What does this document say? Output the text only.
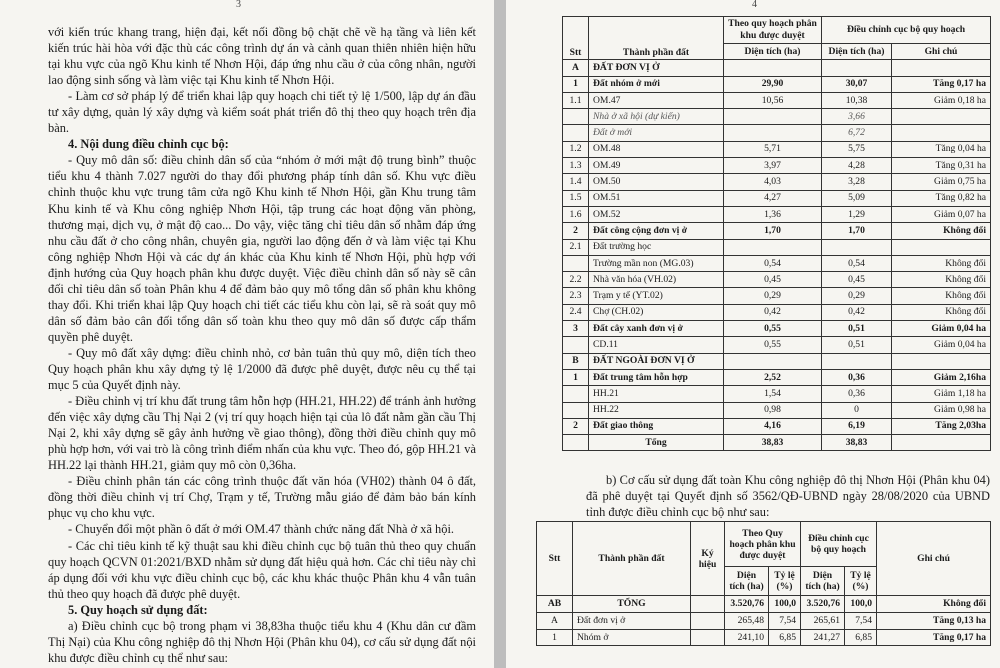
3

với kiến trúc khang trang, hiện đại, kết nối đồng bộ chặt chẽ về hạ tầng và liên kết kiến trúc hài hòa với đặc thù các công trình dự án và cảnh quan thiên nhiên hiện hữu tại khu vực của ngõ Khu kinh tế Nhơn Hội, đáp ứng nhu cầu ở của công nhân, người lao động sinh sống và làm việc tại Khu kinh tế Nhơn Hội.

- Làm cơ sở pháp lý để triển khai lập quy hoạch chi tiết tỷ lệ 1/500, lập dự án đầu tư xây dựng, quản lý xây dựng và kiểm soát phát triển đô thị theo quy hoạch trên địa bàn.

4. Nội dung điều chỉnh cục bộ:

- Quy mô dân số: điều chỉnh dân số của “nhóm ở mới mật độ trung bình” thuộc tiểu khu 4 thành 7.027 người do thay đổi phương pháp tính dân số. Khu vực điều chỉnh thuộc khu vực trung tâm cửa ngõ Khu kinh tế Nhơn Hội, gần Khu trung tâm Khu kinh tế và Khu công nghiệp Nhơn Hội, tập trung các hoạt động văn phòng, thương mại, dịch vụ, ở mật độ cao... Do vậy, việc tăng chỉ tiêu dân số nhằm đáp ứng nhu cầu đất ở cho công nhân, chuyên gia, người lao động đến ở và làm việc tại Khu công nghiệp Nhơn Hội và các dự án khác của Khu kinh tế Nhơn Hội, phù hợp với định hướng của Quy hoạch phân khu được duyệt. Việc điều chỉnh dân số này sẽ cân đối chỉ tiêu dân số toàn Phân khu 4 để đảm bảo quy mô tổng dân số phân khu không thay đổi. Khi triển khai lập Quy hoạch chi tiết các tiểu khu còn lại, sẽ rà soát quy mô dân số đảm bảo cân đối tổng dân số toàn khu theo quy mô dân số được cấp thẩm quyền phê duyệt.

- Quy mô đất xây dựng: điều chỉnh nhỏ, cơ bản tuân thủ quy mô, diện tích theo Quy hoạch phân khu xây dựng tỷ lệ 1/2000 đã được phê duyệt, được nêu cụ thể tại mục 5 của Quyết định này.

- Điều chỉnh vị trí khu đất trung tâm hỗn hợp (HH.21, HH.22) để tránh ảnh hưởng đến việc xây dựng cầu Thị Nại 2 (vị trí quy hoạch hiện tại của lô đất nằm gần cầu Thị Nại 2, khi xây dựng sẽ gây ảnh hưởng về giao thông), đồng thời điều chỉnh quy mô phù hợp hơn, với vai trò là công trình điểm nhấn của khu vực. Theo đó, gộp HH.21 và HH.22 lại thành HH.21, giảm quy mô còn 0,36ha.

- Điều chỉnh phân tán các công trình thuộc đất văn hóa (VH02) thành 04 ô đất, đồng thời điều chỉnh vị trí Chợ, Trạm y tế, Trường mẫu giáo để đảm bảo bán kính phục vụ cho khu vực.

- Chuyển đổi một phần ô đất ở mới OM.47 thành chức năng đất Nhà ở xã hội.

- Các chỉ tiêu kinh tế kỹ thuật sau khi điều chỉnh cục bộ tuân thủ theo quy chuẩn quy hoạch QCVN 01:2021/BXD nhằm sử dụng đất hiệu quả hơn. Các chỉ tiêu này chỉ áp dụng đối với khu vực điều chỉnh cục bộ, các khu khác thuộc Phân khu 4 vẫn tuân thủ theo quy hoạch đã được phê duyệt.

5. Quy hoạch sử dụng đất:

a) Điều chỉnh cục bộ trong phạm vi 38,83ha thuộc tiểu khu 4 (Khu dân cư đầm Thị Nại) của Khu công nghiệp đô thị Nhơn Hội (Phân khu 04), cơ cấu sử dụng đất nội khu được điều chỉnh cụ thể như sau:

4
Stt	Thành phần đất	Theo quy hoạch phân khu được duyệt	Điều chỉnh cục bộ quy hoạch	
		Diện tích (ha)	Diện tích (ha)	Ghi chú
A	ĐẤT ĐƠN VỊ Ở			
1	Đất nhóm ở mới	29,90	30,07	Tăng 0,17 ha
1.1	OM.47	10,56	10,38	Giảm 0,18 ha
	Nhà ở xã hội (dự kiến)		3,66	
	Đất ở mới		6,72	
1.2	OM.48	5,71	5,75	Tăng 0,04 ha
1.3	OM.49	3,97	4,28	Tăng 0,31 ha
1.4	OM.50	4,03	3,28	Giảm 0,75 ha
1.5	OM.51	4,27	5,09	Tăng 0,82 ha
1.6	OM.52	1,36	1,29	Giảm 0,07 ha
2	Đất công cộng đơn vị ở	1,70	1,70	Không đổi
2.1	Đất trường học			
	Trường mần non (MG.03)	0,54	0,54	Không đổi
2.2	Nhà văn hóa (VH.02)	0,45	0,45	Không đổi
2.3	Trạm y tế (YT.02)	0,29	0,29	Không đổi
2.4	Chợ (CH.02)	0,42	0,42	Không đổi
3	Đất cây xanh đơn vị ở	0,55	0,51	Giảm 0,04 ha
	CD.11	0,55	0,51	Giảm 0,04 ha
B	ĐẤT NGOÀI ĐƠN VỊ Ở			
1	Đất trung tâm hỗn hợp	2,52	0,36	Giảm 2,16ha
	HH.21	1,54	0,36	Giảm 1,18 ha
	HH.22	0,98	0	Giảm 0,98 ha
2	Đất giao thông	4,16	6,19	Tăng 2,03ha
	Tổng	38,83	38,83	

b) Cơ cấu sử dụng đất toàn Khu công nghiệp đô thị Nhơn Hội (Phân khu 04) đã phê duyệt tại Quyết định số 3562/QĐ-UBND ngày 28/08/2020 của UBND tỉnh được điều chỉnh cục bộ như sau:

Stt	Thành phần đất	Ký hiệu	Theo Quy hoạch phân khu được duyệt		Điều chỉnh cục bộ quy hoạch		Ghi chú
			Diện tích (ha)	Tỷ lệ (%)	Diện tích (ha)	Tỷ lệ (%)	
AB	TỔNG		3.520,76	100,0	3.520,76	100,0	Không đổi
A	Đất đơn vị ở		265,48	7,54	265,61	7,54	Tăng 0,13 ha
1	Nhóm ở		241,10	6,85	241,27	6,85	Tăng 0,17 ha
